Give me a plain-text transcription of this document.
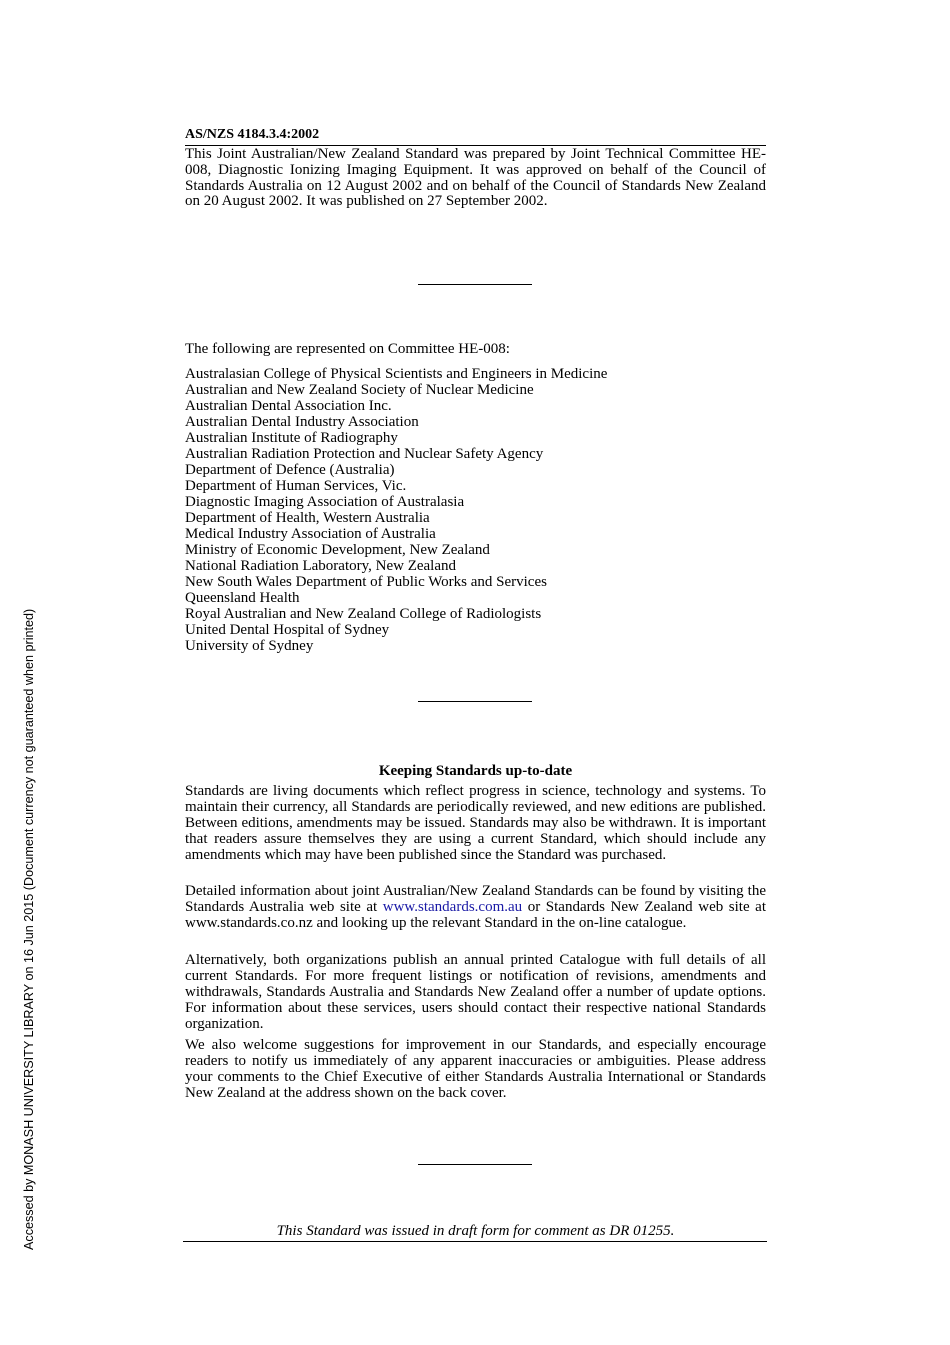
Accessed by MONASH UNIVERSITY LIBRARY on 16 Jun 2015 (Document currency not guaranteed when printed)
AS/NZS 4184.3.4:2002
This Joint Australian/New Zealand Standard was prepared by Joint Technical Committee HE-008, Diagnostic Ionizing Imaging Equipment. It was approved on behalf of the Council of Standards Australia on 12 August 2002 and on behalf of the Council of Standards New Zealand on 20 August 2002. It was published on 27 September 2002.
The following are represented on Committee HE-008:
Australasian College of Physical Scientists and Engineers in Medicine
Australian and New Zealand Society of Nuclear Medicine
Australian Dental Association Inc.
Australian Dental Industry Association
Australian Institute of Radiography
Australian Radiation Protection and Nuclear Safety Agency
Department of Defence (Australia)
Department of Human Services, Vic.
Diagnostic Imaging Association of Australasia
Department of Health, Western Australia
Medical Industry Association of Australia
Ministry of Economic Development, New Zealand
National Radiation Laboratory, New Zealand
New South Wales Department of Public Works and Services
Queensland Health
Royal Australian and New Zealand College of Radiologists
United Dental Hospital of Sydney
University of Sydney
Keeping Standards up-to-date

Standards are living documents which reflect progress in science, technology and systems. To maintain their currency, all Standards are periodically reviewed, and new editions are published. Between editions, amendments may be issued. Standards may also be withdrawn. It is important that readers assure themselves they are using a current Standard, which should include any amendments which may have been published since the Standard was purchased.

Detailed information about joint Australian/New Zealand Standards can be found by visiting the Standards Australia web site at www.standards.com.au or Standards New Zealand web site at www.standards.co.nz and looking up the relevant Standard in the on-line catalogue.

Alternatively, both organizations publish an annual printed Catalogue with full details of all current Standards. For more frequent listings or notification of revisions, amendments and withdrawals, Standards Australia and Standards New Zealand offer a number of update options. For information about these services, users should contact their respective national Standards organization.

We also welcome suggestions for improvement in our Standards, and especially encourage readers to notify us immediately of any apparent inaccuracies or ambiguities. Please address your comments to the Chief Executive of either Standards Australia International or Standards New Zealand at the address shown on the back cover.

This Standard was issued in draft form for comment as DR 01255.
